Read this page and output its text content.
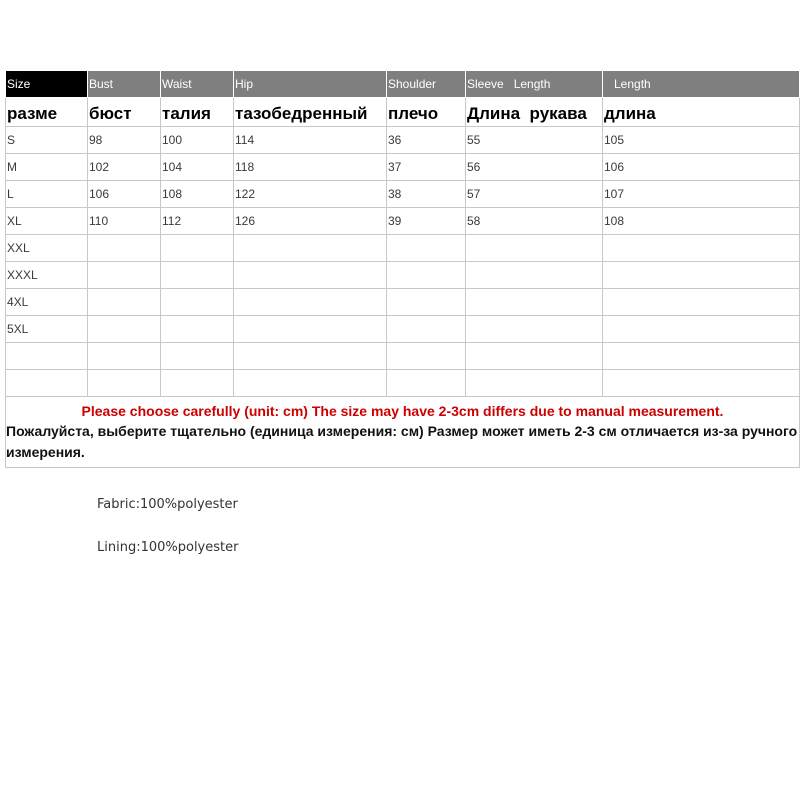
Size	Bust	Waist	Hip	Shoulder	Sleeve   Length	Length
разме	бюст	талия	тазобедренный	плечо	Длина  рукава	длина
S	98	100	114	36	55	105
M	102	104	118	37	56	106
L	106	108	122	38	57	107
XL	110	112	126	39	58	108
XXL						
XXXL						
4XL						
5XL						

Please choose carefully (unit: cm) The size may have 2-3cm differs due to manual measurement.
Пожалуйста, выберите тщательно (единица измерения: см) Размер может иметь 2-3 см отличается из-за ручного измерения.						
Fabric:100%polyester
Lining:100%polyester
